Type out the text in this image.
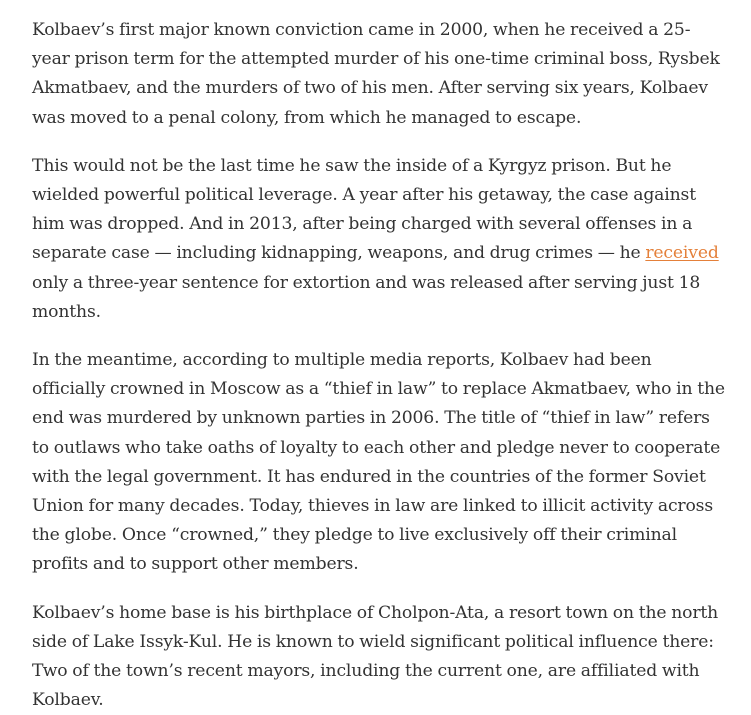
Kolbaev’s first major known conviction came in 2000, when he received a 25-year prison term for the attempted murder of his one-time criminal boss, Rysbek Akmatbaev, and the murders of two of his men. After serving six years, Kolbaev was moved to a penal colony, from which he managed to escape.

This would not be the last time he saw the inside of a Kyrgyz prison. But he wielded powerful political leverage. A year after his getaway, the case against him was dropped. And in 2013, after being charged with several offenses in a separate case — including kidnapping, weapons, and drug crimes — he received only a three-year sentence for extortion and was released after serving just 18 months.

In the meantime, according to multiple media reports, Kolbaev had been officially crowned in Moscow as a “thief in law” to replace Akmatbaev, who in the end was murdered by unknown parties in 2006. The title of “thief in law” refers to outlaws who take oaths of loyalty to each other and pledge never to cooperate with the legal government. It has endured in the countries of the former Soviet Union for many decades. Today, thieves in law are linked to illicit activity across the globe. Once “crowned,” they pledge to live exclusively off their criminal profits and to support other members.

Kolbaev’s home base is his birthplace of Cholpon-Ata, a resort town on the north side of Lake Issyk-Kul. He is known to wield significant political influence there: Two of the town’s recent mayors, including the current one, are affiliated with Kolbaev.
